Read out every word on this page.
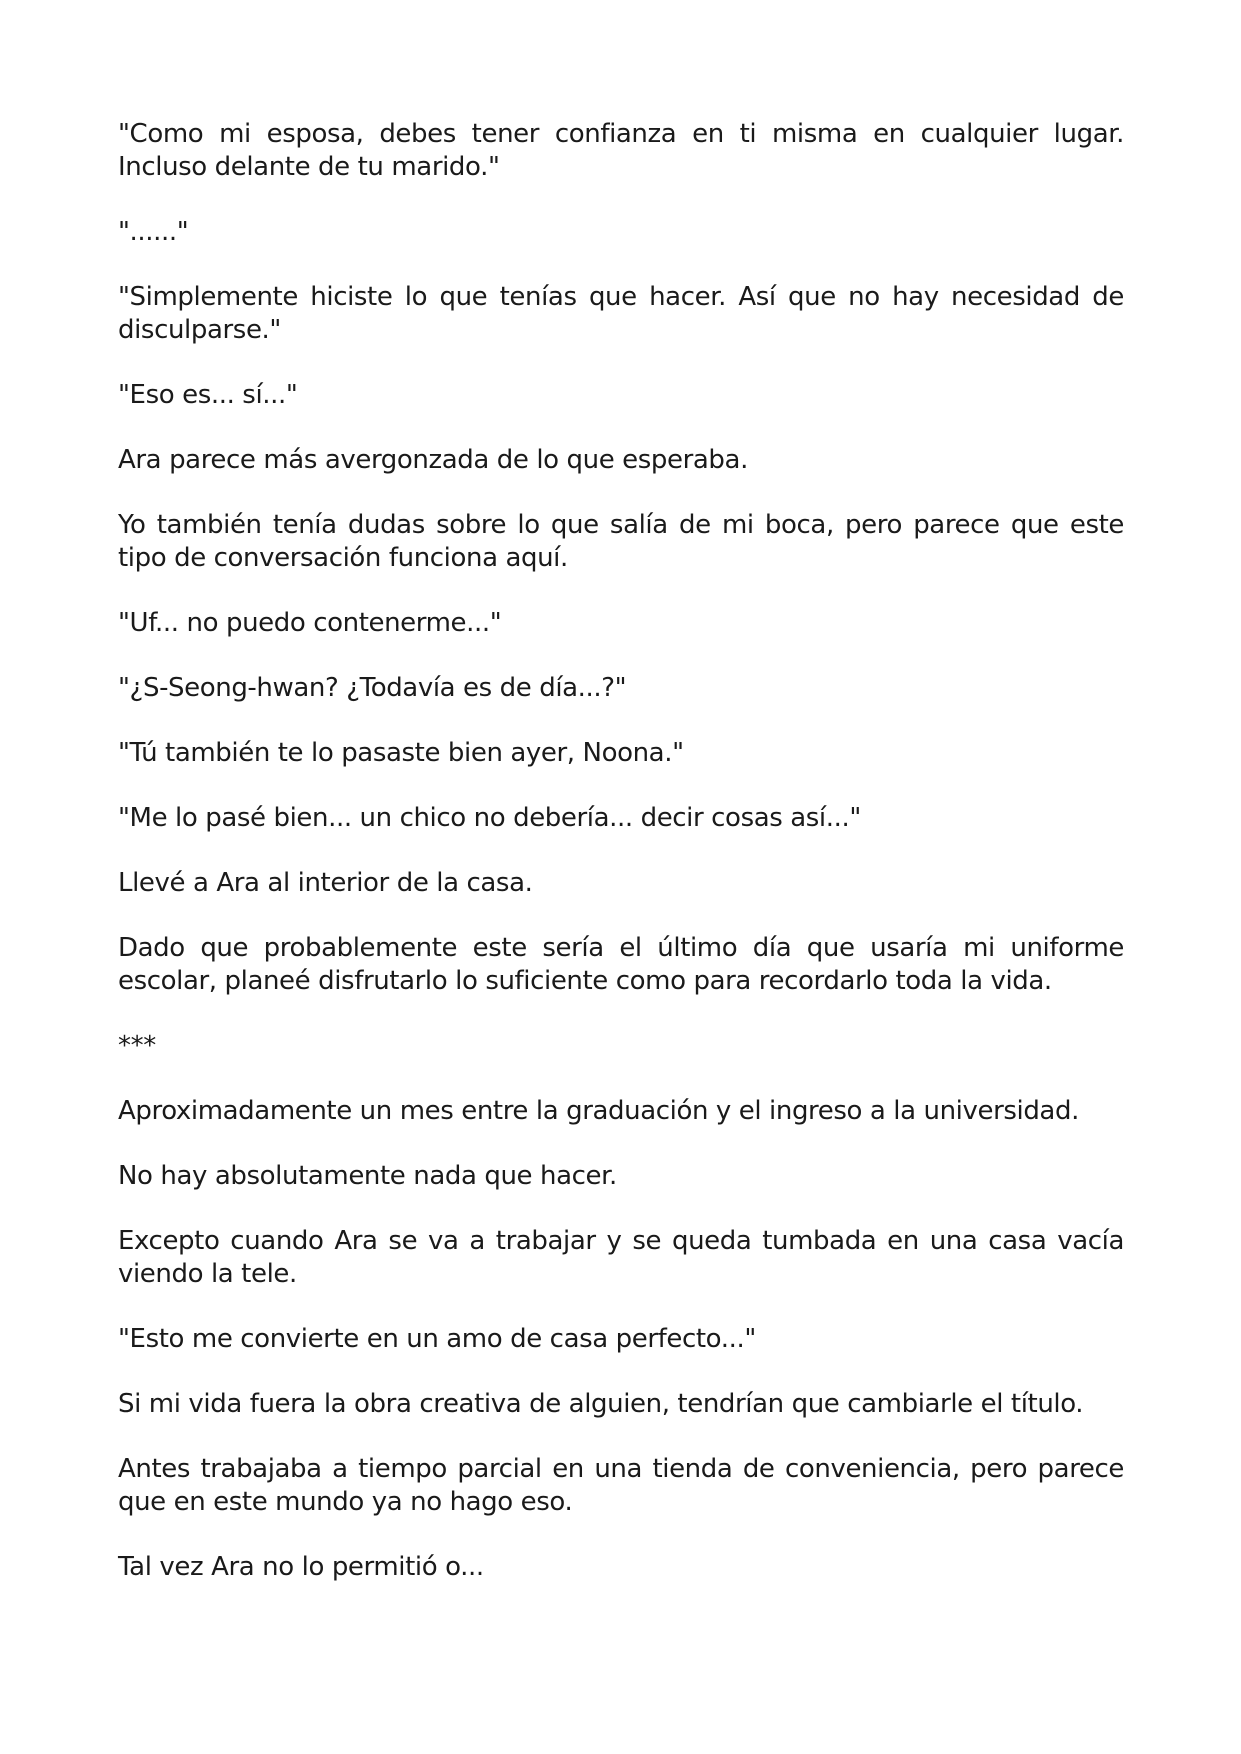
"Como mi esposa, debes tener confianza en ti misma en cualquier lugar. Incluso delante de tu marido."

"......"

"Simplemente hiciste lo que tenías que hacer. Así que no hay necesidad de disculparse."

"Eso es... sí..."

Ara parece más avergonzada de lo que esperaba.

Yo también tenía dudas sobre lo que salía de mi boca, pero parece que este tipo de conversación funciona aquí.

"Uf... no puedo contenerme..."

"¿S-Seong-hwan? ¿Todavía es de día...?"

"Tú también te lo pasaste bien ayer, Noona."

"Me lo pasé bien... un chico no debería... decir cosas así..."

Llevé a Ara al interior de la casa.

Dado que probablemente este sería el último día que usaría mi uniforme escolar, planeé disfrutarlo lo suficiente como para recordarlo toda la vida.

***

Aproximadamente un mes entre la graduación y el ingreso a la universidad.

No hay absolutamente nada que hacer.

Excepto cuando Ara se va a trabajar y se queda tumbada en una casa vacía viendo la tele.

"Esto me convierte en un amo de casa perfecto..."

Si mi vida fuera la obra creativa de alguien, tendrían que cambiarle el título.

Antes trabajaba a tiempo parcial en una tienda de conveniencia, pero parece que en este mundo ya no hago eso.

Tal vez Ara no lo permitió o...
